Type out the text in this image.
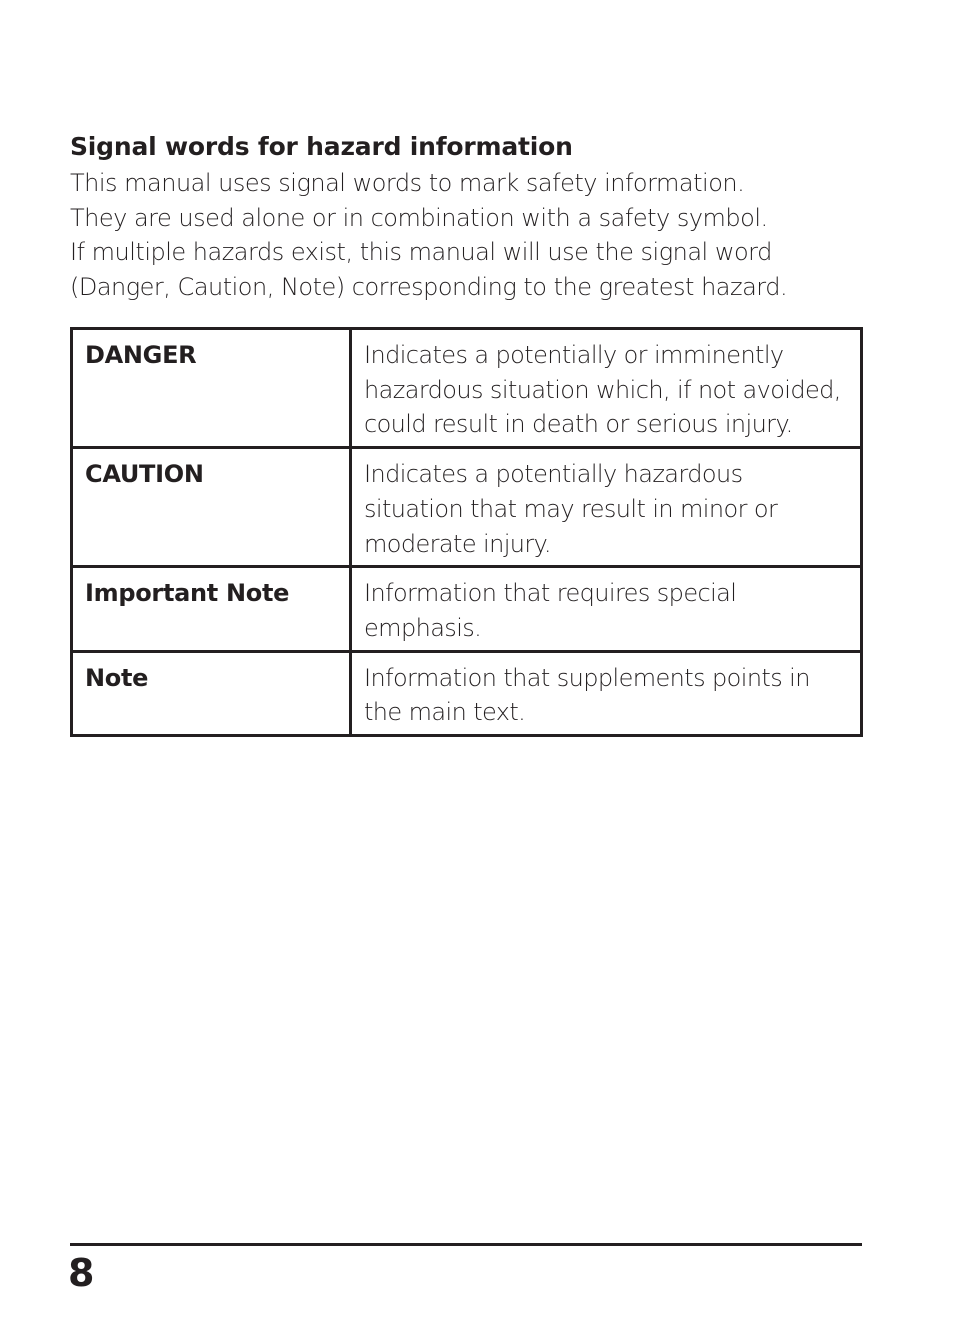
Signal words for hazard information

This manual uses signal words to mark safety information.
They are used alone or in combination with a safety symbol.
If multiple hazards exist, this manual will use the signal word
(Danger, Caution, Note) corresponding to the greatest hazard.

DANGER	Indicates a potentially or imminently hazardous situation which, if not avoided, could result in death or serious injury.
CAUTION	Indicates a potentially hazardous situation that may result in minor or moderate injury.
Important Note	Information that requires special emphasis.
Note	Information that supplements points in the main text.
8
